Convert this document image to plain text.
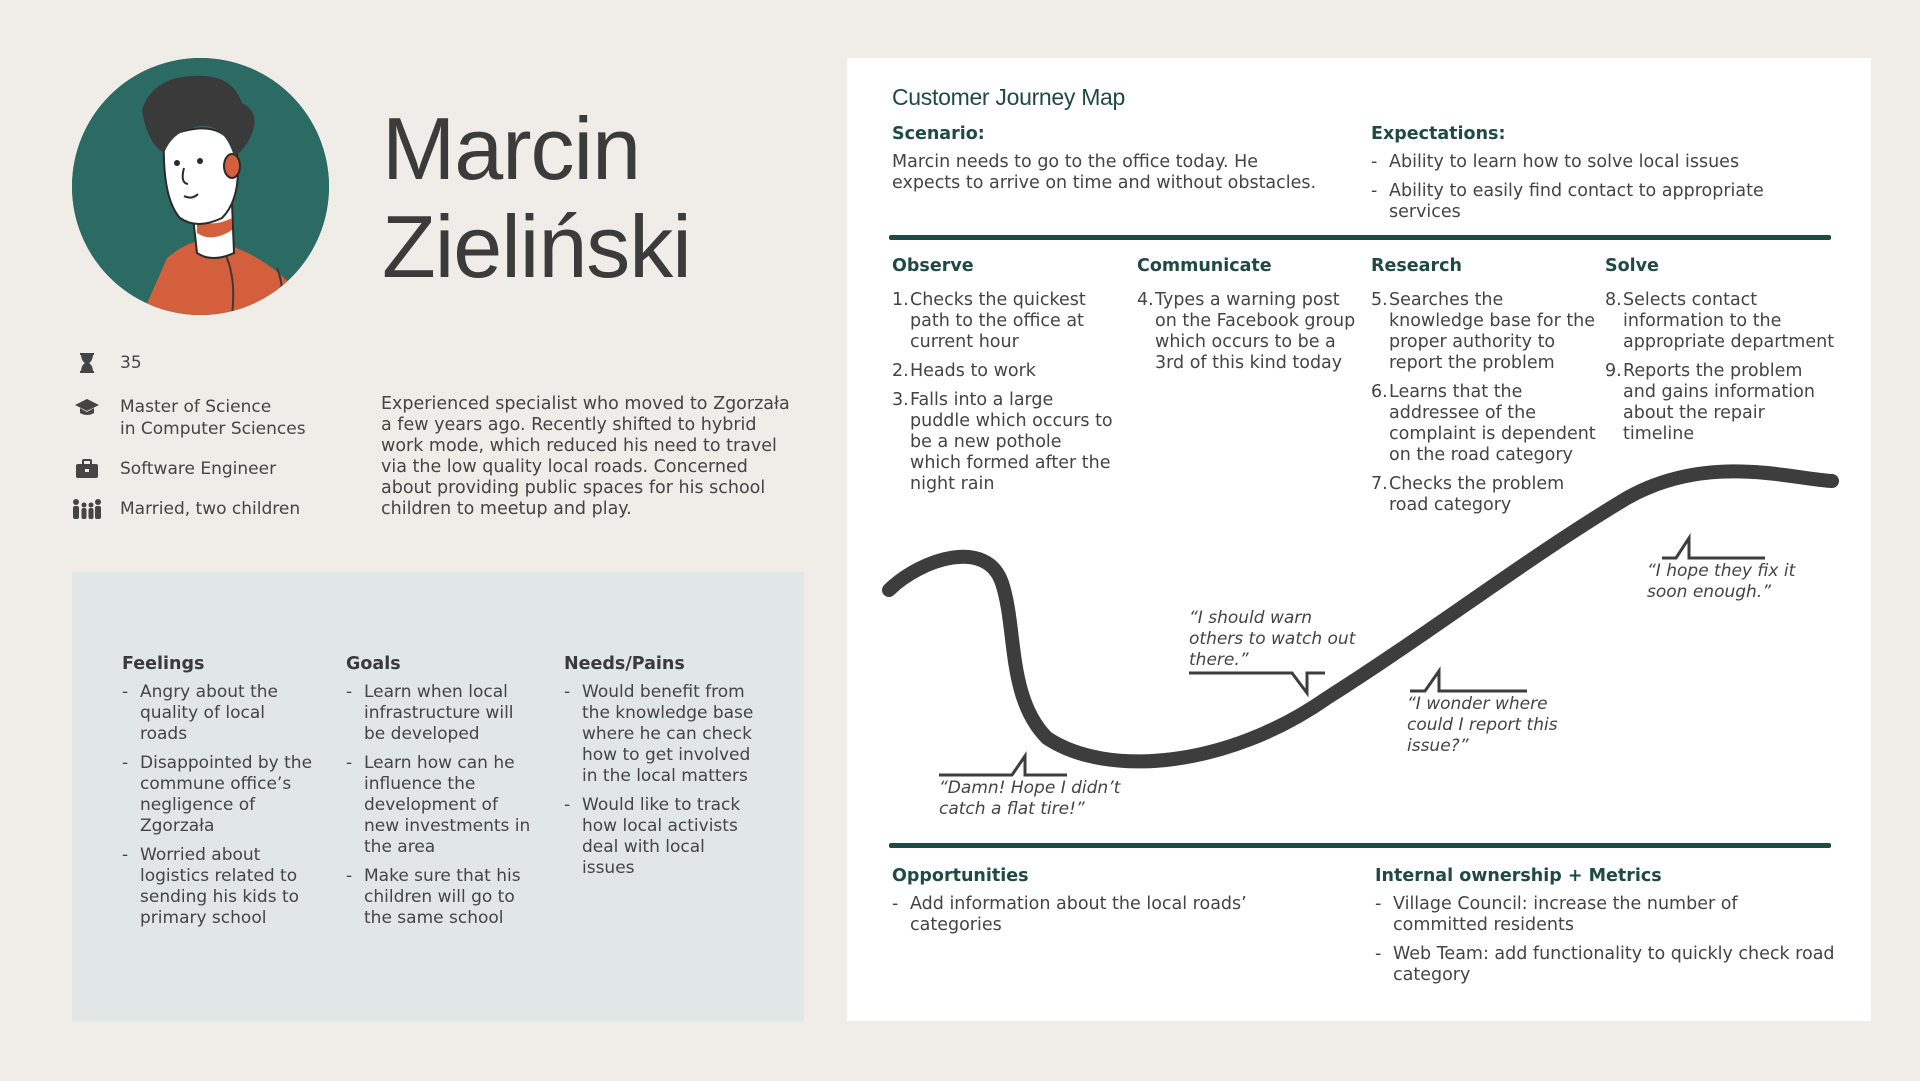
Marcin
Zieliński
35
Master of Science
in Computer Sciences
Software Engineer
Married, two children
Experienced specialist who moved to Zgorzała a few years ago. Recently shifted to hybrid work mode, which reduced his need to travel via the low quality local roads. Concerned about providing public spaces for his school children to meetup and play.
Feelings
- Angry about the quality of local roads
- Disappointed by the commune office’s negligence of Zgorzała
- Worried about logistics related to sending his kids to primary school
Goals
- Learn when local infrastructure will be developed
- Learn how can he influence the development of new investments in the area
- Make sure that his children will go to the same school
Needs/Pains
- Would benefit from the knowledge base where he can check how to get involved in the local matters
- Would like to track how local activists deal with local issues
Customer Journey Map
Scenario:
Marcin needs to go to the office today. He expects to arrive on time and without obstacles.
Expectations:
- Ability to learn how to solve local issues
- Ability to easily find contact to appropriate services
Observe
1. Checks the quickest path to the office at current hour
2. Heads to work
3. Falls into a large puddle which occurs to be a new pothole which formed after the night rain
Communicate
4. Types a warning post on the Facebook group which occurs to be a 3rd of this kind today
Research
5. Searches the knowledge base for the proper authority to report the problem
6. Learns that the addressee of the complaint is dependent on the road category
7. Checks the problem road category
Solve
8. Selects contact information to the appropriate department
9. Reports the problem and gains information about the repair timeline
“Damn! Hope I didn’t
catch a flat tire!”
“I should warn
others to watch out
there.”
“I wonder where
could I report this
issue?”
“I hope they fix it
soon enough.”
Opportunities
- Add information about the local roads’ categories
Internal ownership + Metrics
- Village Council: increase the number of committed residents
- Web Team: add functionality to quickly check road category
